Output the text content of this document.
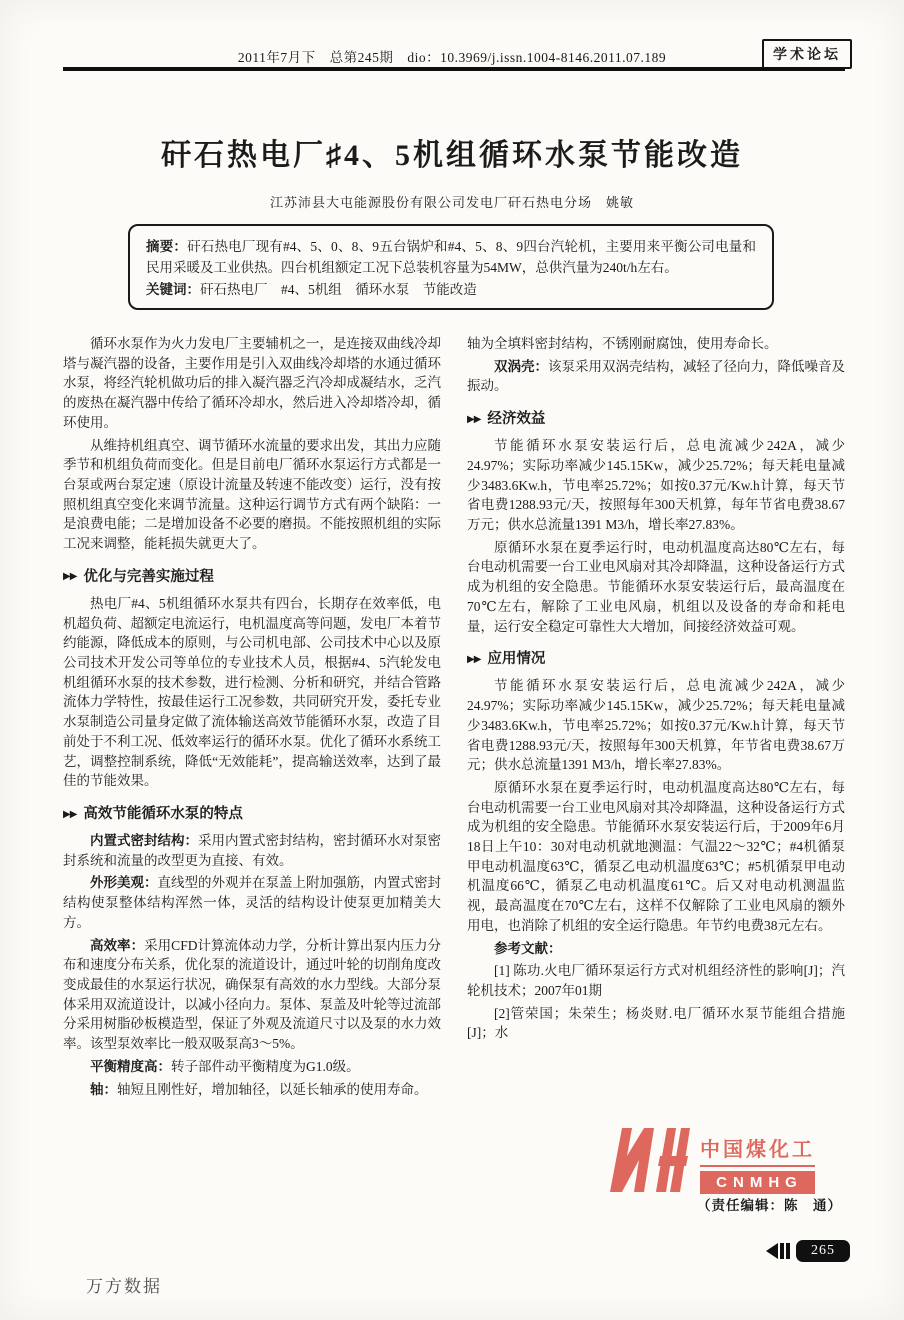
2011年7月下　总第245期　dio：10.3969/j.issn.1004-8146.2011.07.189	学术论坛
矸石热电厂♯4、5机组循环水泵节能改造
江苏沛县大屯能源股份有限公司发电厂矸石热电分场　姚敏
摘要：矸石热电厂现有#4、5、0、8、9五台锅炉和#4、5、8、9四台汽轮机，主要用来平衡公司电量和民用采暖及工业供热。四台机组额定工况下总装机容量为54MW，总供汽量为240t/h左右。
关键词：矸石热电厂　#4、5机组　循环水泵　节能改造

循环水泵作为火力发电厂主要辅机之一，是连接双曲线冷却塔与凝汽器的设备，主要作用是引入双曲线冷却塔的水通过循环水泵，将经汽轮机做功后的排入凝汽器乏汽冷却成凝结水，乏汽的废热在凝汽器中传给了循环冷却水，然后进入冷却塔冷却，循环使用。

从维持机组真空、调节循环水流量的要求出发，其出力应随季节和机组负荷而变化。但是目前电厂循环水泵运行方式都是一台泵或两台泵定速（原设计流量及转速不能改变）运行，没有按照机组真空变化来调节流量。这种运行调节方式有两个缺陷：一是浪费电能；二是增加设备不必要的磨损。不能按照机组的实际工况来调整，能耗损失就更大了。

▶▶ 优化与完善实施过程

热电厂#4、5机组循环水泵共有四台，长期存在效率低，电机超负荷、超额定电流运行，电机温度高等问题，发电厂本着节约能源，降低成本的原则，与公司机电部、公司技术中心以及原公司技术开发公司等单位的专业技术人员，根据#4、5汽轮发电机组循环水泵的技术参数，进行检测、分析和研究，并结合管路流体力学特性，按最佳运行工况参数，共同研究开发，委托专业水泵制造公司量身定做了流体输送高效节能循环水泵，改造了目前处于不利工况、低效率运行的循环水泵。优化了循环水系统工艺，调整控制系统，降低“无效能耗”，提高输送效率，达到了最佳的节能效果。

▶▶ 高效节能循环水泵的特点

内置式密封结构：采用内置式密封结构，密封循环水对泵密封系统和流量的改型更为直接、有效。

外形美观：直线型的外观并在泵盖上附加强筋，内置式密封结构使泵整体结构浑然一体，灵活的结构设计使泵更加精美大方。

高效率：采用CFD计算流体动力学，分析计算出泵内压力分布和速度分布关系，优化泵的流道设计，通过叶轮的切削角度改变成最佳的水泵运行状况，确保泵有高效的水力型线。大部分泵体采用双流道设计，以减小径向力。泵体、泵盖及叶轮等过流部分采用树脂砂板模造型，保证了外观及流道尺寸以及泵的水力效率。该型泵效率比一般双吸泵高3～5%。

平衡精度高：转子部件动平衡精度为G1.0级。

轴：轴短且刚性好，增加轴径，以延长轴承的使用寿命。

轴为全填料密封结构，不锈刚耐腐蚀，使用寿命长。

双涡壳：该泵采用双涡壳结构，减轻了径向力，降低噪音及振动。

▶▶ 经济效益

节能循环水泵安装运行后，总电流减少242A，减少24.97%；实际功率减少145.15Kw，减少25.72%；每天耗电量减少3483.6Kw.h，节电率25.72%；如按0.37元/Kw.h计算，每天节省电费1288.93元/天，按照每年300天机算，每年节省电费38.67万元；供水总流量1391 M3/h，增长率27.83%。

原循环水泵在夏季运行时，电动机温度高达80℃左右，每台电动机需要一台工业电风扇对其冷却降温，这种设备运行方式成为机组的安全隐患。节能循环水泵安装运行后，最高温度在70℃左右，解除了工业电风扇，机组以及设备的寿命和耗电量，运行安全稳定可靠性大大增加，间接经济效益可观。

▶▶ 应用情况

节能循环水泵安装运行后，总电流减少242A，减少24.97%；实际功率减少145.15Kw，减少25.72%；每天耗电量减少3483.6Kw.h，节电率25.72%；如按0.37元/Kw.h计算，每天节省电费1288.93元/天，按照每年300天机算，年节省电费38.67万元；供水总流量1391 M3/h，增长率27.83%。

原循环水泵在夏季运行时，电动机温度高达80℃左右，每台电动机需要一台工业电风扇对其冷却降温，这种设备运行方式成为机组的安全隐患。节能循环水泵安装运行后，于2009年6月18日上午10：30对电动机就地测温：气温22～32℃；#4机循泵甲电动机温度63℃，循泵乙电动机温度63℃；#5机循泵甲电动机温度66℃，循泵乙电动机温度61℃。后又对电动机测温监视，最高温度在70℃左右，这样不仅解除了工业电风扇的额外用电，也消除了机组的安全运行隐患。年节约电费38元左右。

参考文献：

[1] 陈功.火电厂循环泵运行方式对机组经济性的影响[J]；汽轮机技术；2007年01期

[2]管荣国；朱荣生；杨炎财.电厂循环水泵节能组合措施[J]；水

中国煤化工
CNMHG
（责任编辑：陈　通）
265
万方数据
